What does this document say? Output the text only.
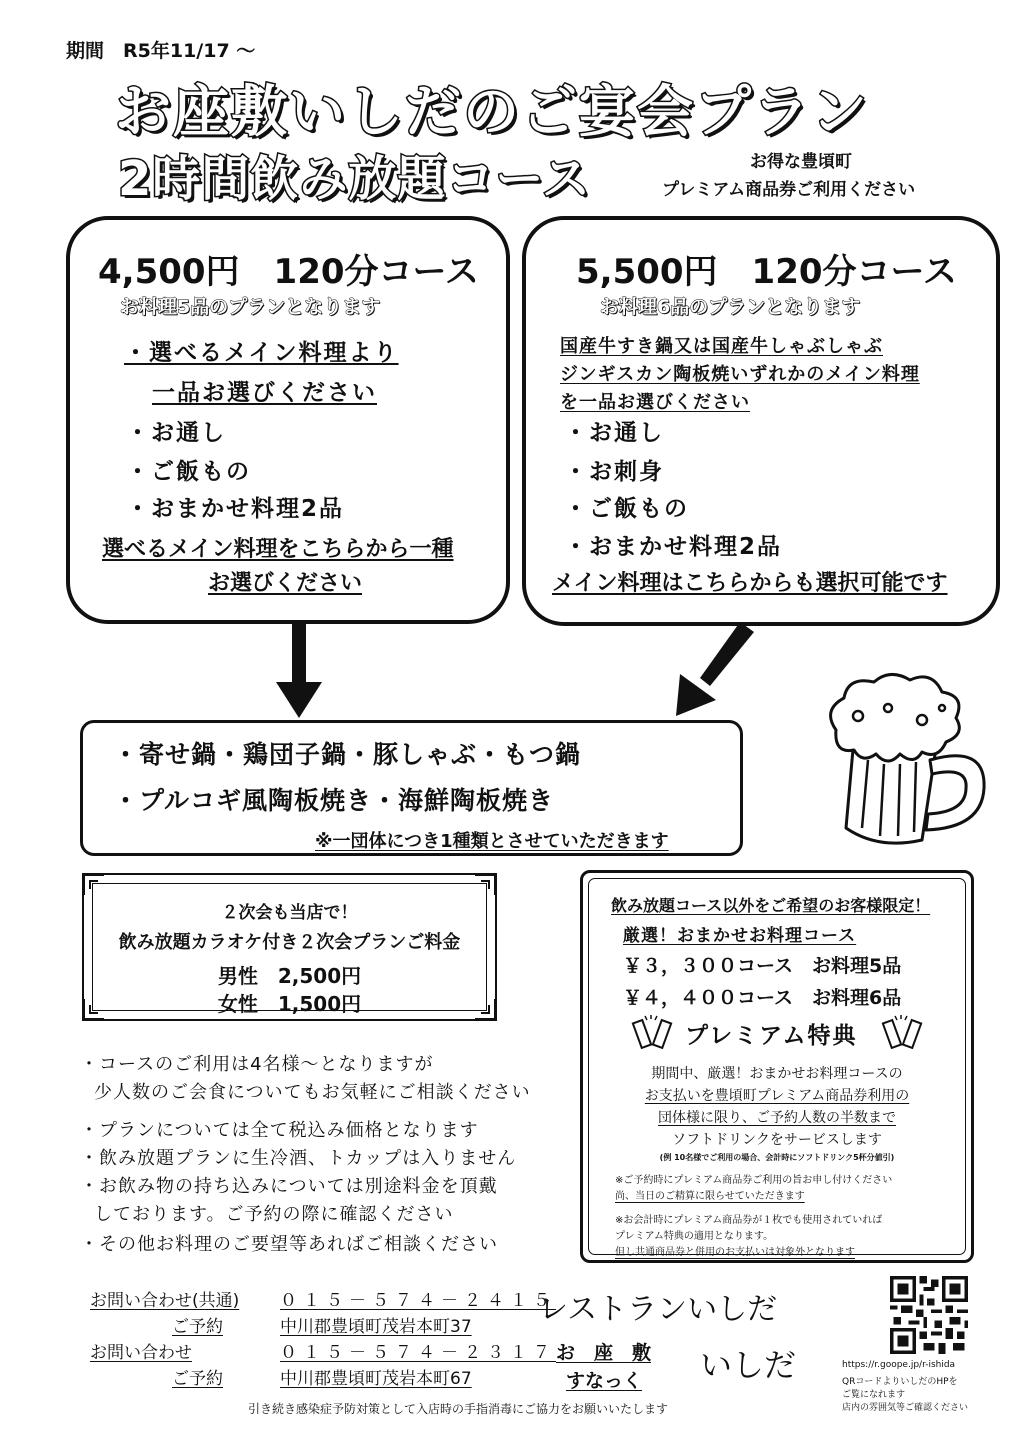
期間　R5年11/17 ～
お座敷いしだのご宴会プラン
2時間飲み放題コース	お得な豊頃町
プレミアム商品券ご利用ください
4,500円　120分コース
お料理5品のプランとなります
・選べるメイン料理より
一品お選びください
・お通し
・ご飯もの
・おまかせ料理2品
選べるメイン料理をこちらから一種
お選びください
5,500円　120分コース
お料理6品のプランとなります
国産牛すき鍋又は国産牛しゃぶしゃぶ
ジンギスカン陶板焼いずれかのメイン料理
を一品お選びください
・お通し
・お刺身
・ご飯もの
・おまかせ料理2品
メイン料理はこちらからも選択可能です
・寄せ鍋・鶏団子鍋・豚しゃぶ・もつ鍋
・プルコギ風陶板焼き・海鮮陶板焼き
※一団体につき1種類とさせていただきます
２次会も当店で！
飲み放題カラオケ付き２次会プランご料金
男性　2,500円
女性　1,500円
飲み放題コース以外をご希望のお客様限定！
厳選！おまかせお料理コース
￥３，３００コース　お料理5品
￥４，４００コース　お料理6品
プレミアム特典
期間中、厳選！おまかせお料理コースの
お支払いを豊頃町プレミアム商品券利用の
団体様に限り、ご予約人数の半数まで
ソフトドリンクをサービスします
(例 10名様でご利用の場合、会計時にソフトドリンク5杯分値引)
※ご予約時にプレミアム商品券ご利用の旨お申し付けください
尚、当日のご精算に限らせていただきます
※お会計時にプレミアム商品券が１枚でも使用されていれば
プレミアム特典の適用となります。
但し共通商品券と併用のお支払いは対象外となります
・コースのご利用は4名様～となりますが
少人数のご会食についてもお気軽にご相談ください
・プランについては全て税込み価格となります
・飲み放題プランに生冷酒、トカップは入りません
・お飲み物の持ち込みについては別途料金を頂戴
しております。ご予約の際に確認ください
・その他お料理のご要望等あればご相談ください
お問い合わせ(共通) ０１５－５７４－２４１５
ご予約	中川郡豊頃町茂岩本町37
お問い合わせ	０１５－５７４－２３１７
ご予約	中川郡豊頃町茂岩本町67
レストランいしだ
お　座　敷
すなっく いしだ	https://r.goope.jp/r-ishida
QRコードよりいしだのHPを
ご覧になれます
店内の雰囲気等ご確認ください
引き続き感染症予防対策として入店時の手指消毒にご協力をお願いいたします
